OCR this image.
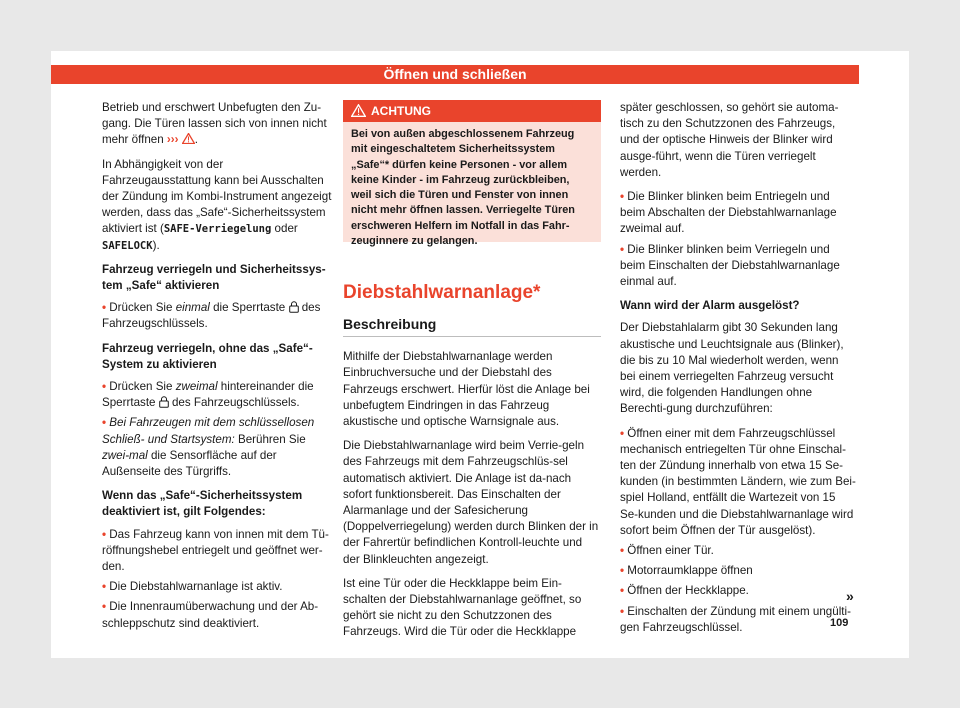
Öffnen und schließen

Betrieb und erschwert Unbefugten den Zu-gang. Die Türen lassen sich von innen nicht mehr öffnen ››› .

In Abhängigkeit von der Fahrzeugausstattung kann bei Ausschalten der Zündung im Kombi-Instrument angezeigt werden, dass das „Safe“-Sicherheitssystem aktiviert ist (SAFE-Verriegelung oder SAFELOCK).

Fahrzeug verriegeln und Sicherheitssys-tem „Safe“ aktivieren

• Drücken Sie einmal die Sperrtaste des Fahrzeugschlüssels.

Fahrzeug verriegeln, ohne das „Safe“-System zu aktivieren

• Drücken Sie zweimal hintereinander die Sperrtaste des Fahrzeugschlüssels.

• Bei Fahrzeugen mit dem schlüssellosen Schließ- und Startsystem: Berühren Sie zwei-mal die Sensorfläche auf der Außenseite des Türgriffs.

Wenn das „Safe“-Sicherheitssystem deaktiviert ist, gilt Folgendes:

• Das Fahrzeug kann von innen mit dem Tü-röffnungshebel entriegelt und geöffnet wer-den.

• Die Diebstahlwarnanlage ist aktiv.

• Die Innenraumüberwachung und der Ab-schleppschutz sind deaktiviert.

ACHTUNG
Bei von außen abgeschlossenem Fahrzeug mit eingeschaltetem Sicherheitssystem „Safe“* dürfen keine Personen - vor allem keine Kinder - im Fahrzeug zurückbleiben, weil sich die Türen und Fenster von innen nicht mehr öffnen lassen. Verriegelte Türen erschweren Helfern im Notfall in das Fahr-zeuginnere zu gelangen.
Diebstahlwarnanlage*
Beschreibung

Mithilfe der Diebstahlwarnanlage werden Einbruchversuche und der Diebstahl des Fahrzeugs erschwert. Hierfür löst die Anlage bei unbefugtem Eindringen in das Fahrzeug akustische und optische Warnsignale aus.

Die Diebstahlwarnanlage wird beim Verrie-geln des Fahrzeugs mit dem Fahrzeugschlüs-sel automatisch aktiviert. Die Anlage ist da-nach sofort funktionsbereit. Das Einschalten der Alarmanlage und der Safesicherung (Doppelverriegelung) werden durch Blinken der in der Fahrertür befindlichen Kontroll-leuchte und der Blinkleuchten angezeigt.

Ist eine Tür oder die Heckklappe beim Ein-schalten der Diebstahlwarnanlage geöffnet, so gehört sie nicht zu den Schutzzonen des Fahrzeugs. Wird die Tür oder die Heckklappe

später geschlossen, so gehört sie automa-tisch zu den Schutzzonen des Fahrzeugs, und der optische Hinweis der Blinker wird ausge-führt, wenn die Türen verriegelt werden.

• Die Blinker blinken beim Entriegeln und beim Abschalten der Diebstahlwarnanlage zweimal auf.

• Die Blinker blinken beim Verriegeln und beim Einschalten der Diebstahlwarnanlage einmal auf.

Wann wird der Alarm ausgelöst?

Der Diebstahlalarm gibt 30 Sekunden lang akustische und Leuchtsignale aus (Blinker), die bis zu 10 Mal wiederholt werden, wenn bei einem verriegelten Fahrzeug versucht wird, die folgenden Handlungen ohne Berechti-gung durchzuführen:

• Öffnen einer mit dem Fahrzeugschlüssel mechanisch entriegelten Tür ohne Einschal-ten der Zündung innerhalb von etwa 15 Se-kunden (in bestimmten Ländern, wie zum Bei-spiel Holland, entfällt die Wartezeit von 15 Se-kunden und die Diebstahlwarnanlage wird sofort beim Öffnen der Tür ausgelöst).

• Öffnen einer Tür.

• Motorraumklappe öffnen

• Öffnen der Heckklappe.

• Einschalten der Zündung mit einem ungülti-gen Fahrzeugschlüssel.

»
109
